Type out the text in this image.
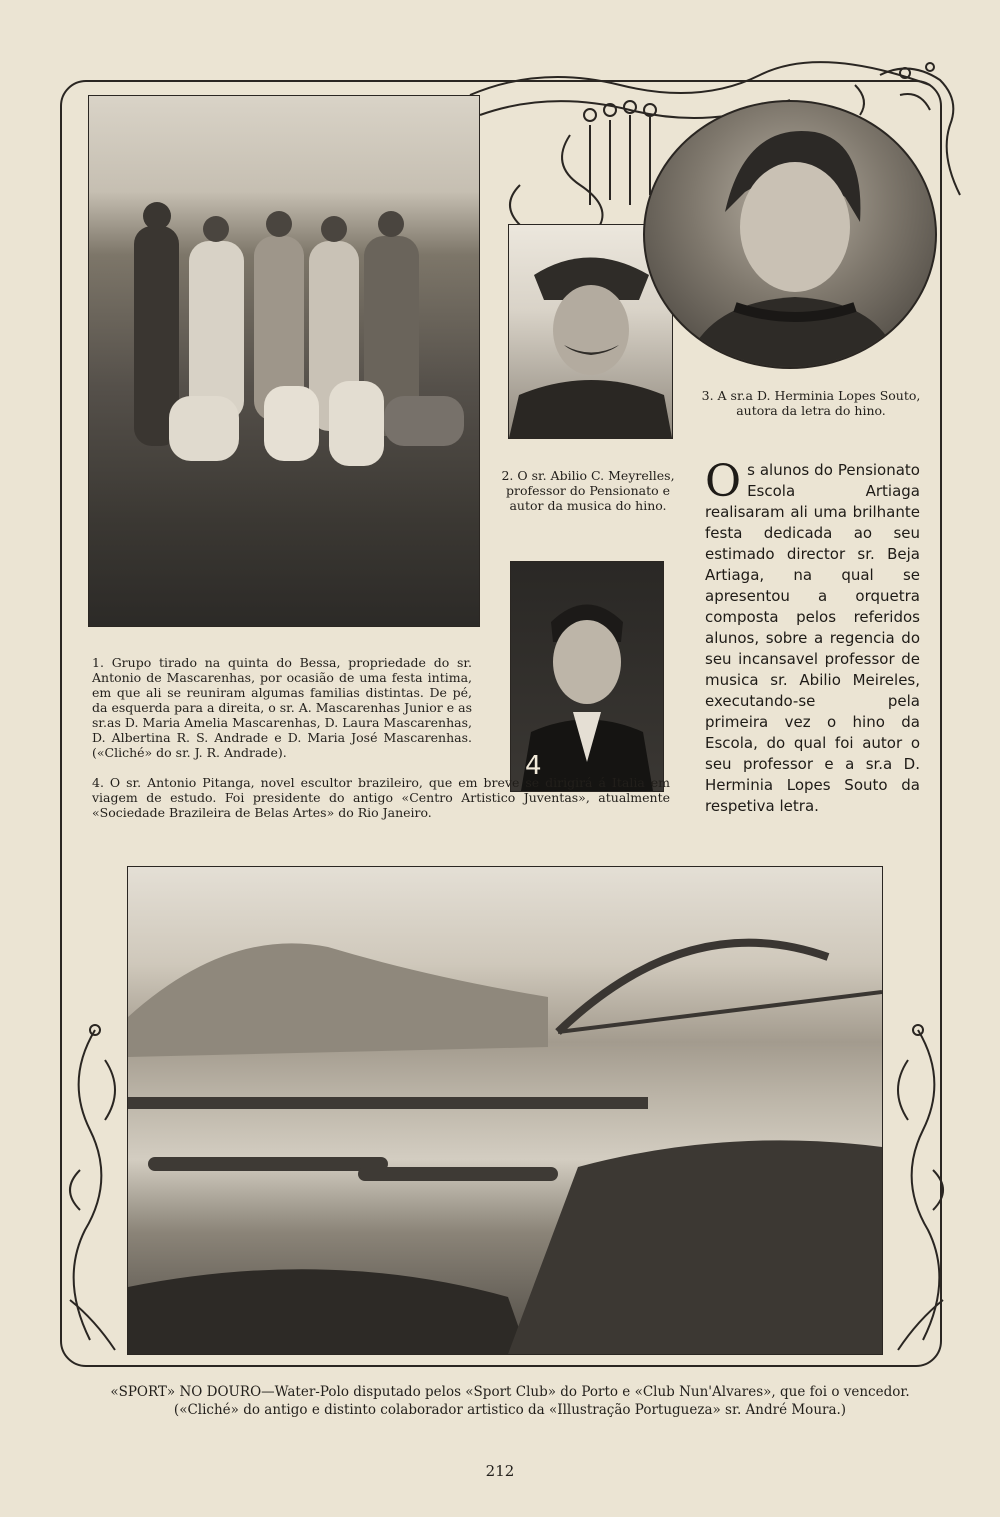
4
1. Grupo tirado na quinta do Bessa, propriedade do sr. Antonio de Mascarenhas, por ocasião de uma festa intima, em que ali se reuniram algumas familias distintas. De pé, da esquerda para a direita, o sr. A. Mascarenhas Junior e as sr.as D. Maria Amelia Mascarenhas, D. Laura Mascarenhas, D. Albertina R. S. Andrade e D. Maria José Mascarenhas. («Cliché» do sr. J. R. Andrade).
4. O sr. Antonio Pitanga, novel escultor brazileiro, que em breve se dirigirá á Italia em viagem de estudo. Foi presidente do antigo «Centro Artistico Juventas», atualmente «Sociedade Brazileira de Belas Artes» do Rio Janeiro.
2. O sr. Abilio C. Meyrelles, professor do Pensionato e autor da musica do hino.
3. A sr.a D. Herminia Lopes Souto, autora da letra do hino.
Os alunos do Pensionato Escola Artiaga realisaram ali uma brilhante festa dedicada ao seu estimado director sr. Beja Artiaga, na qual se apresentou a orquetra composta pelos referidos alunos, sobre a regencia do seu incansavel professor de musica sr. Abilio Meireles, executando-se pela primeira vez o hino da Escola, do qual foi autor o seu professor e a sr.a D. Herminia Lopes Souto da respetiva letra.
«SPORT» NO DOURO—Water-Polo disputado pelos «Sport Club» do Porto e «Club Nun'Alvares», que foi o vencedor. («Cliché» do antigo e distinto colaborador artistico da «Illustração Portugueza» sr. André Moura.)
212
